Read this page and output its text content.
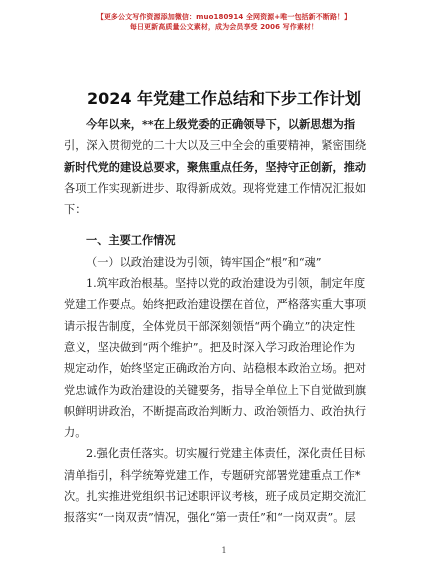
【更多公文写作资源添加微信：muo180914 全网资源+唯一包括新不断路！】
每日更新高质量公文素材，成为会员享受 2006 写作素材！
2024 年党建工作总结和下步工作计划
今年以来，**在上级党委的正确领导下，以新思想为指
引，深入贯彻党的二十大以及三中全会的重要精神，紧密围绕
新时代党的建设总要求，聚焦重点任务，坚持守正创新，推动
各项工作实现新进步、取得新成效。现将党建工作情况汇报如
下：
一、主要工作情况
（一）以政治建设为引领，铸牢国企“根”和“魂”
1.筑牢政治根基。坚持以党的政治建设为引领，制定年度
党建工作要点。始终把政治建设摆在首位，严格落实重大事项
请示报告制度，全体党员干部深刻领悟“两个确立”的决定性
意义，坚决做到“两个维护”。把及时深入学习政治理论作为
规定动作，始终坚定正确政治方向、站稳根本政治立场。把对
党忠诚作为政治建设的关键要务，指导全单位上下自觉做到旗
帜鲜明讲政治，不断提高政治判断力、政治领悟力、政治执行
力。
2.强化责任落实。切实履行党建主体责任，深化责任目标
清单指引，科学统筹党建工作，专题研究部署党建重点工作*
次。扎实推进党组织书记述职评议考核，班子成员定期交流汇
报落实“一岗双责”情况，强化“第一责任”和“一岗双责”。层
1
